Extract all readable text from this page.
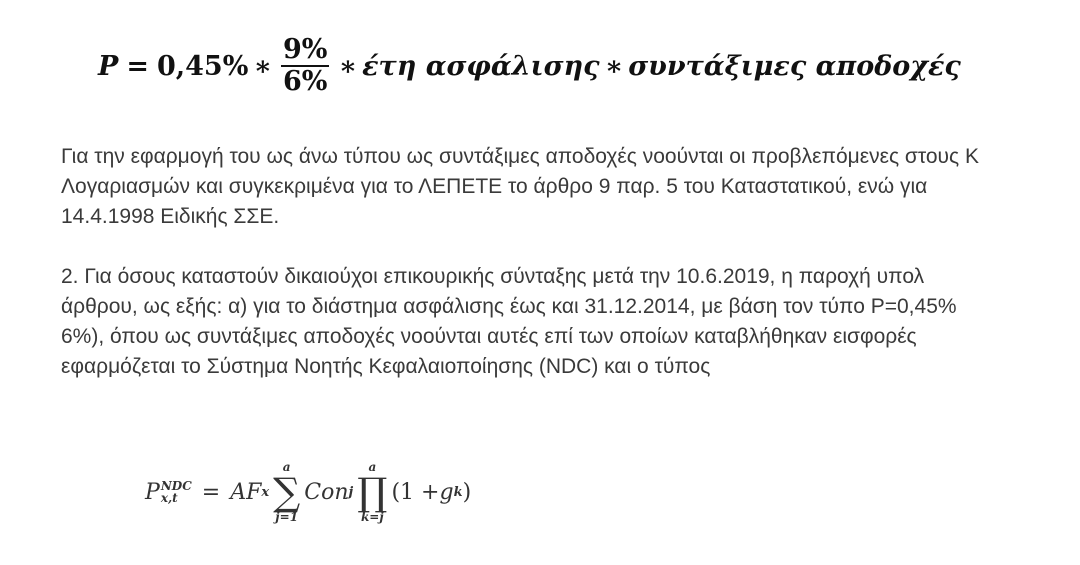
P = 0,45% ∗ $\frac{9\%}{6\%}$ ∗ έτη ασφάλισης ∗ συντάξιμες αποδοχές
Για την εφαρμογή του ως άνω τύπου ως συντάξιμες αποδοχές νοούνται οι προβλεπόμενες στους Κ
Λογαριασμών και συγκεκριμένα για το ΛΕΠΕΤΕ το άρθρο 9 παρ. 5 του Καταστατικού, ενώ για
14.4.1998 Ειδικής ΣΣΕ.
2. Για όσους καταστούν δικαιούχοι επικουρικής σύνταξης μετά την 10.6.2019, η παροχή υπολ
άρθρου, ως εξής: α) για το διάστημα ασφάλισης έως και 31.12.2014, με βάση τον τύπο P=0,45%
6%), όπου ως συντάξιμες αποδοχές νοούνται αυτές επί των οποίων καταβλήθηκαν εισφορές
εφαρμόζεται το Σύστημα Νοητής Κεφαλαιοποίησης (NDC) και ο τύπος
P NDC
x,t	= AF x
a
∑
j=1
Con j
a
∏
k=j
(1 + g k )
